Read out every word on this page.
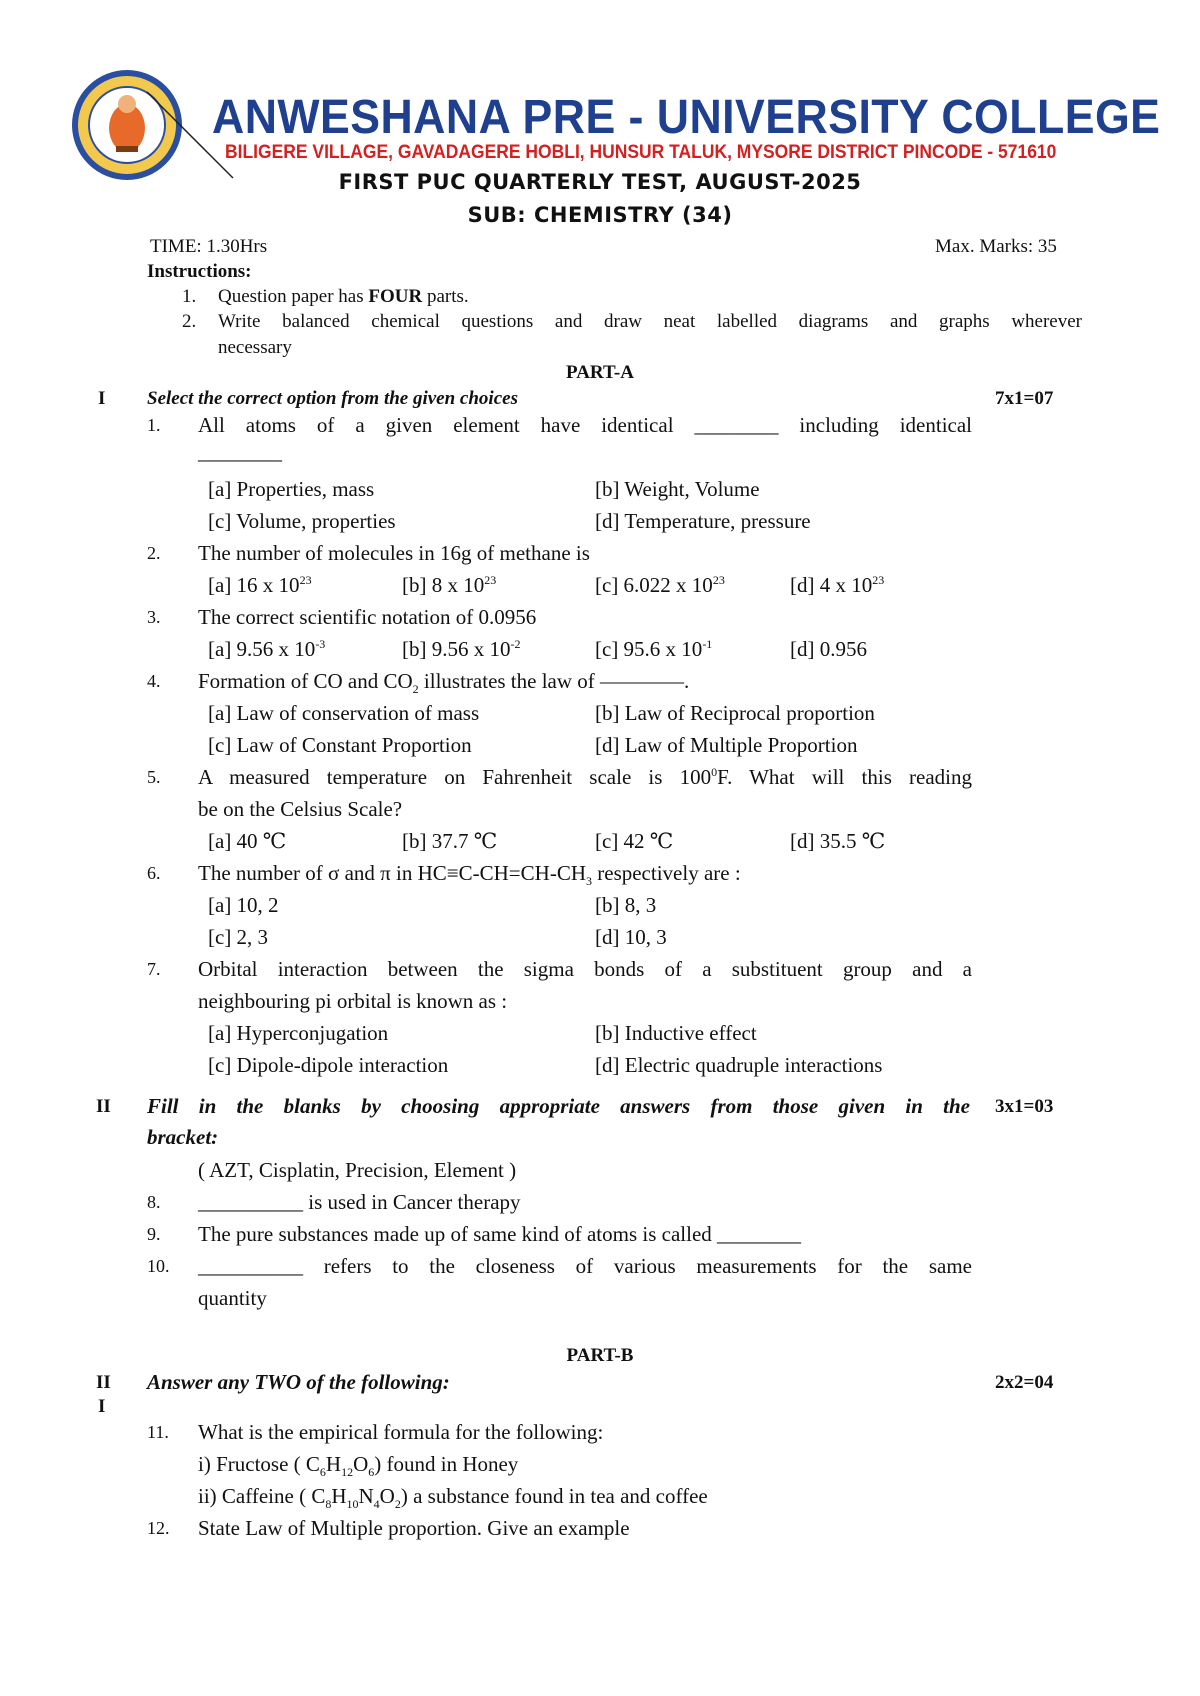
ANWESHANA PRE - UNIVERSITY COLLEGE
BILIGERE VILLAGE, GAVADAGERE HOBLI, HUNSUR TALUK, MYSORE DISTRICT PINCODE - 571610
FIRST PUC QUARTERLY TEST, AUGUST-2025
SUB: CHEMISTRY (34)
TIME: 1.30Hrs	Max. Marks: 35
Instructions:
1. Question paper has FOUR parts.
2. Write balanced chemical questions and draw neat labelled diagrams and graphs wherever
necessary
PART-A
I Select the correct option from the given choices	7x1=07
1. All atoms of a given element have identical ________ including identical
________
[a] Properties, mass	[b] Weight, Volume
[c] Volume, properties	[d] Temperature, pressure
2. The number of molecules in 16g of methane is
[a] 16 x $10^{23}$	[b] 8 x $10^{23}$	[c] 6.022 x $10^{23}$	[d] 4 x $10^{23}$
3. The correct scientific notation of 0.0956
[a] 9.56 x $10^{-3}$	[b] 9.56 x $10^{-2}$	[c] 95.6 x $10^{-1}$	[d] 0.956
4. Formation of CO and $CO_2$ illustrates the law of ————.
[a] Law of conservation of mass	[b] Law of Reciprocal proportion
[c] Law of Constant Proportion	[d] Law of Multiple Proportion
5. A measured temperature on Fahrenheit scale is $100^0F$. What will this reading
be on the Celsius Scale?
[a] 40 ℃	[b] 37.7 ℃	[c] 42 ℃	[d] 35.5 ℃
6. The number of σ and π in $HC\equiv C-CH=CH-CH_3$ respectively are :
[a] 10, 2	[b] 8, 3
[c] 2, 3	[d] 10, 3
7. Orbital interaction between the sigma bonds of a substituent group and a
neighbouring pi orbital is known as :
[a] Hyperconjugation	[b] Inductive effect
[c] Dipole-dipole interaction	[d] Electric quadruple interactions
II Fill in the blanks by choosing appropriate answers from those given in the
bracket:
3x1=03
( AZT, Cisplatin, Precision, Element )
8. __________ is used in Cancer therapy
9. The pure substances made up of same kind of atoms is called ________
10. __________ refers to the closeness of various measurements for the same
quantity
PART-B
II
I
Answer any TWO of the following:	2x2=04
11. What is the empirical formula for the following:
i) Fructose ( $C_6H_{12}O_6$) found in Honey
ii) Caffeine ( $C_8H_{10}N_4O_2$) a substance found in tea and coffee
12. State Law of Multiple proportion. Give an example
